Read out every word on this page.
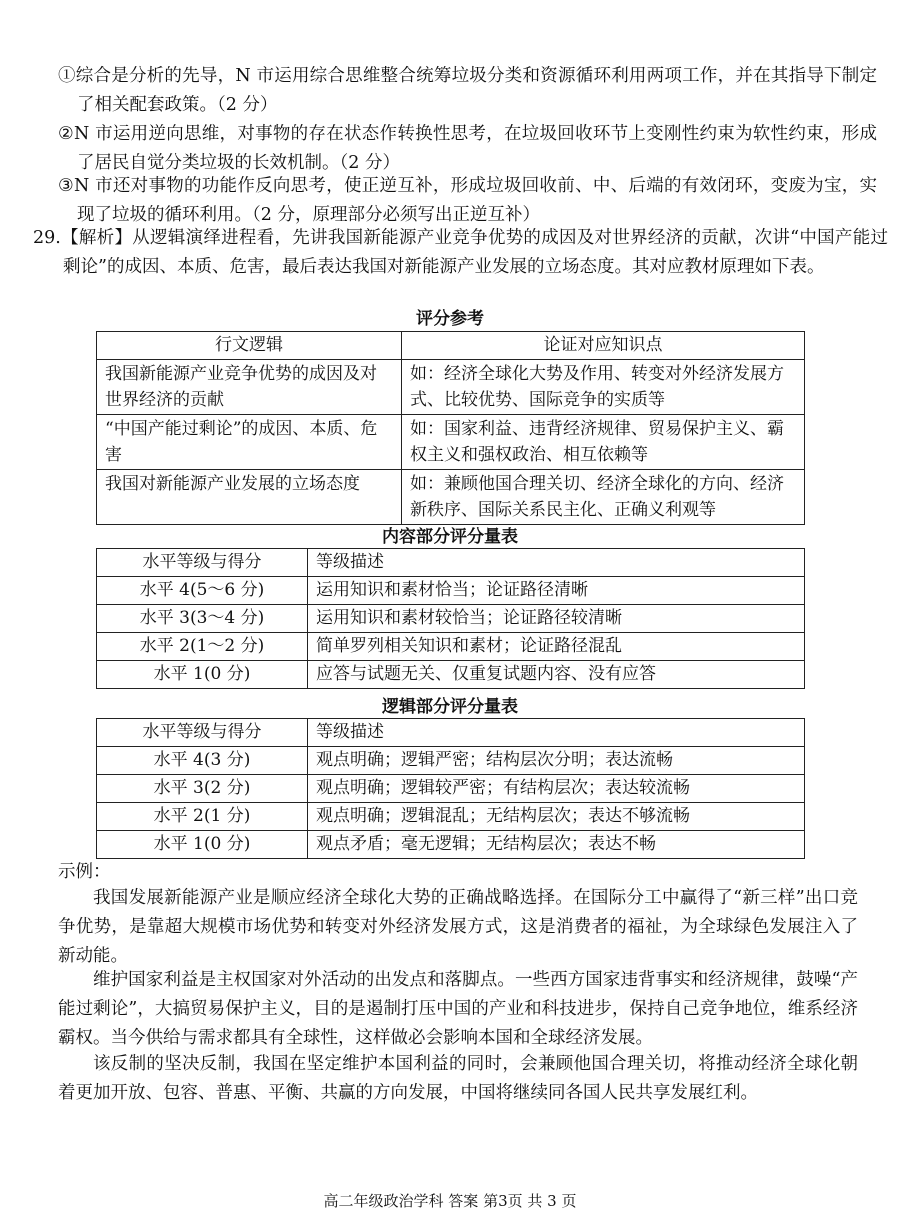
①综合是分析的先导，N 市运用综合思维整合统筹垃圾分类和资源循环利用两项工作，并在其指导下制定了相关配套政策。（2 分）
②N 市运用逆向思维，对事物的存在状态作转换性思考，在垃圾回收环节上变刚性约束为软性约束，形成了居民自觉分类垃圾的长效机制。（2 分）
③N 市还对事物的功能作反向思考，使正逆互补，形成垃圾回收前、中、后端的有效闭环，变废为宝，实现了垃圾的循环利用。（2 分，原理部分必须写出正逆互补）
29.【解析】从逻辑演绎进程看，先讲我国新能源产业竞争优势的成因及对世界经济的贡献，次讲“中国产能过剩论”的成因、本质、危害，最后表达我国对新能源产业发展的立场态度。其对应教材原理如下表。
评分参考
行文逻辑	论证对应知识点
我国新能源产业竞争优势的成因及对世界经济的贡献	如：经济全球化大势及作用、转变对外经济发展方式、比较优势、国际竞争的实质等
“中国产能过剩论”的成因、本质、危害	如：国家利益、违背经济规律、贸易保护主义、霸权主义和强权政治、相互依赖等
我国对新能源产业发展的立场态度	如：兼顾他国合理关切、经济全球化的方向、经济新秩序、国际关系民主化、正确义利观等
内容部分评分量表
水平等级与得分	等级描述
水平 4(5～6 分)	运用知识和素材恰当；论证路径清晰
水平 3(3～4 分)	运用知识和素材较恰当；论证路径较清晰
水平 2(1～2 分)	简单罗列相关知识和素材；论证路径混乱
水平 1(0 分)	应答与试题无关、仅重复试题内容、没有应答
逻辑部分评分量表
水平等级与得分	等级描述
水平 4(3 分)	观点明确；逻辑严密；结构层次分明；表达流畅
水平 3(2 分)	观点明确；逻辑较严密；有结构层次；表达较流畅
水平 2(1 分)	观点明确；逻辑混乱；无结构层次；表达不够流畅
水平 1(0 分)	观点矛盾；毫无逻辑；无结构层次；表达不畅
示例：
我国发展新能源产业是顺应经济全球化大势的正确战略选择。在国际分工中赢得了“新三样”出口竞争优势，是靠超大规模市场优势和转变对外经济发展方式，这是消费者的福祉，为全球绿色发展注入了新动能。
维护国家利益是主权国家对外活动的出发点和落脚点。一些西方国家违背事实和经济规律，鼓噪“产能过剩论”，大搞贸易保护主义，目的是遏制打压中国的产业和科技进步，保持自己竞争地位，维系经济霸权。当今供给与需求都具有全球性，这样做必会影响本国和全球经济发展。
该反制的坚决反制，我国在坚定维护本国利益的同时，会兼顾他国合理关切，将推动经济全球化朝着更加开放、包容、普惠、平衡、共赢的方向发展，中国将继续同各国人民共享发展红利。
高二年级政治学科 答案 第3页 共 3 页
